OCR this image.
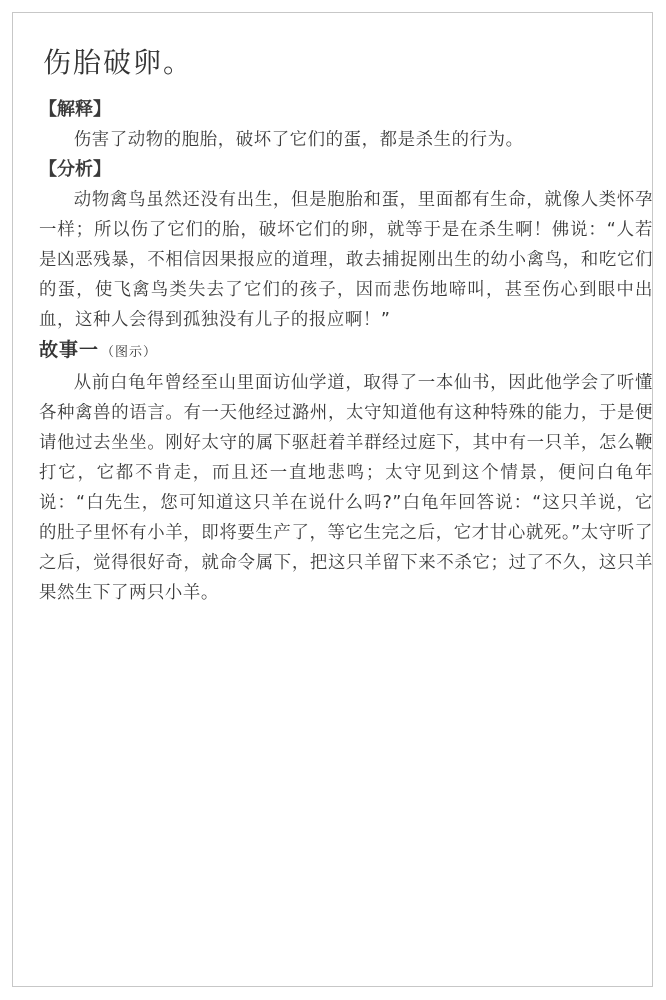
伤胎破卵。
【解释】

伤害了动物的胞胎，破坏了它们的蛋，都是杀生的行为。

【分析】

动物禽鸟虽然还没有出生，但是胞胎和蛋，里面都有生命，就像人类怀孕一样；所以伤了它们的胎，破坏它们的卵，就等于是在杀生啊！佛说：“人若是凶恶残暴，不相信因果报应的道理，敢去捕捉刚出生的幼小禽鸟，和吃它们的蛋，使飞禽鸟类失去了它们的孩子，因而悲伤地啼叫，甚至伤心到眼中出血，这种人会得到孤独没有儿子的报应啊！”

故事一 （图示）

从前白龟年曾经至山里面访仙学道，取得了一本仙书，因此他学会了听懂各种禽兽的语言。有一天他经过潞州，太守知道他有这种特殊的能力，于是便请他过去坐坐。刚好太守的属下驱赶着羊群经过庭下，其中有一只羊，怎么鞭打它，它都不肯走，而且还一直地悲鸣；太守见到这个情景，便问白龟年说：“白先生，您可知道这只羊在说什么吗?”白龟年回答说：“这只羊说，它的肚子里怀有小羊，即将要生产了，等它生完之后，它才甘心就死。”太守听了之后，觉得很好奇，就命令属下，把这只羊留下来不杀它；过了不久，这只羊果然生下了两只小羊。
